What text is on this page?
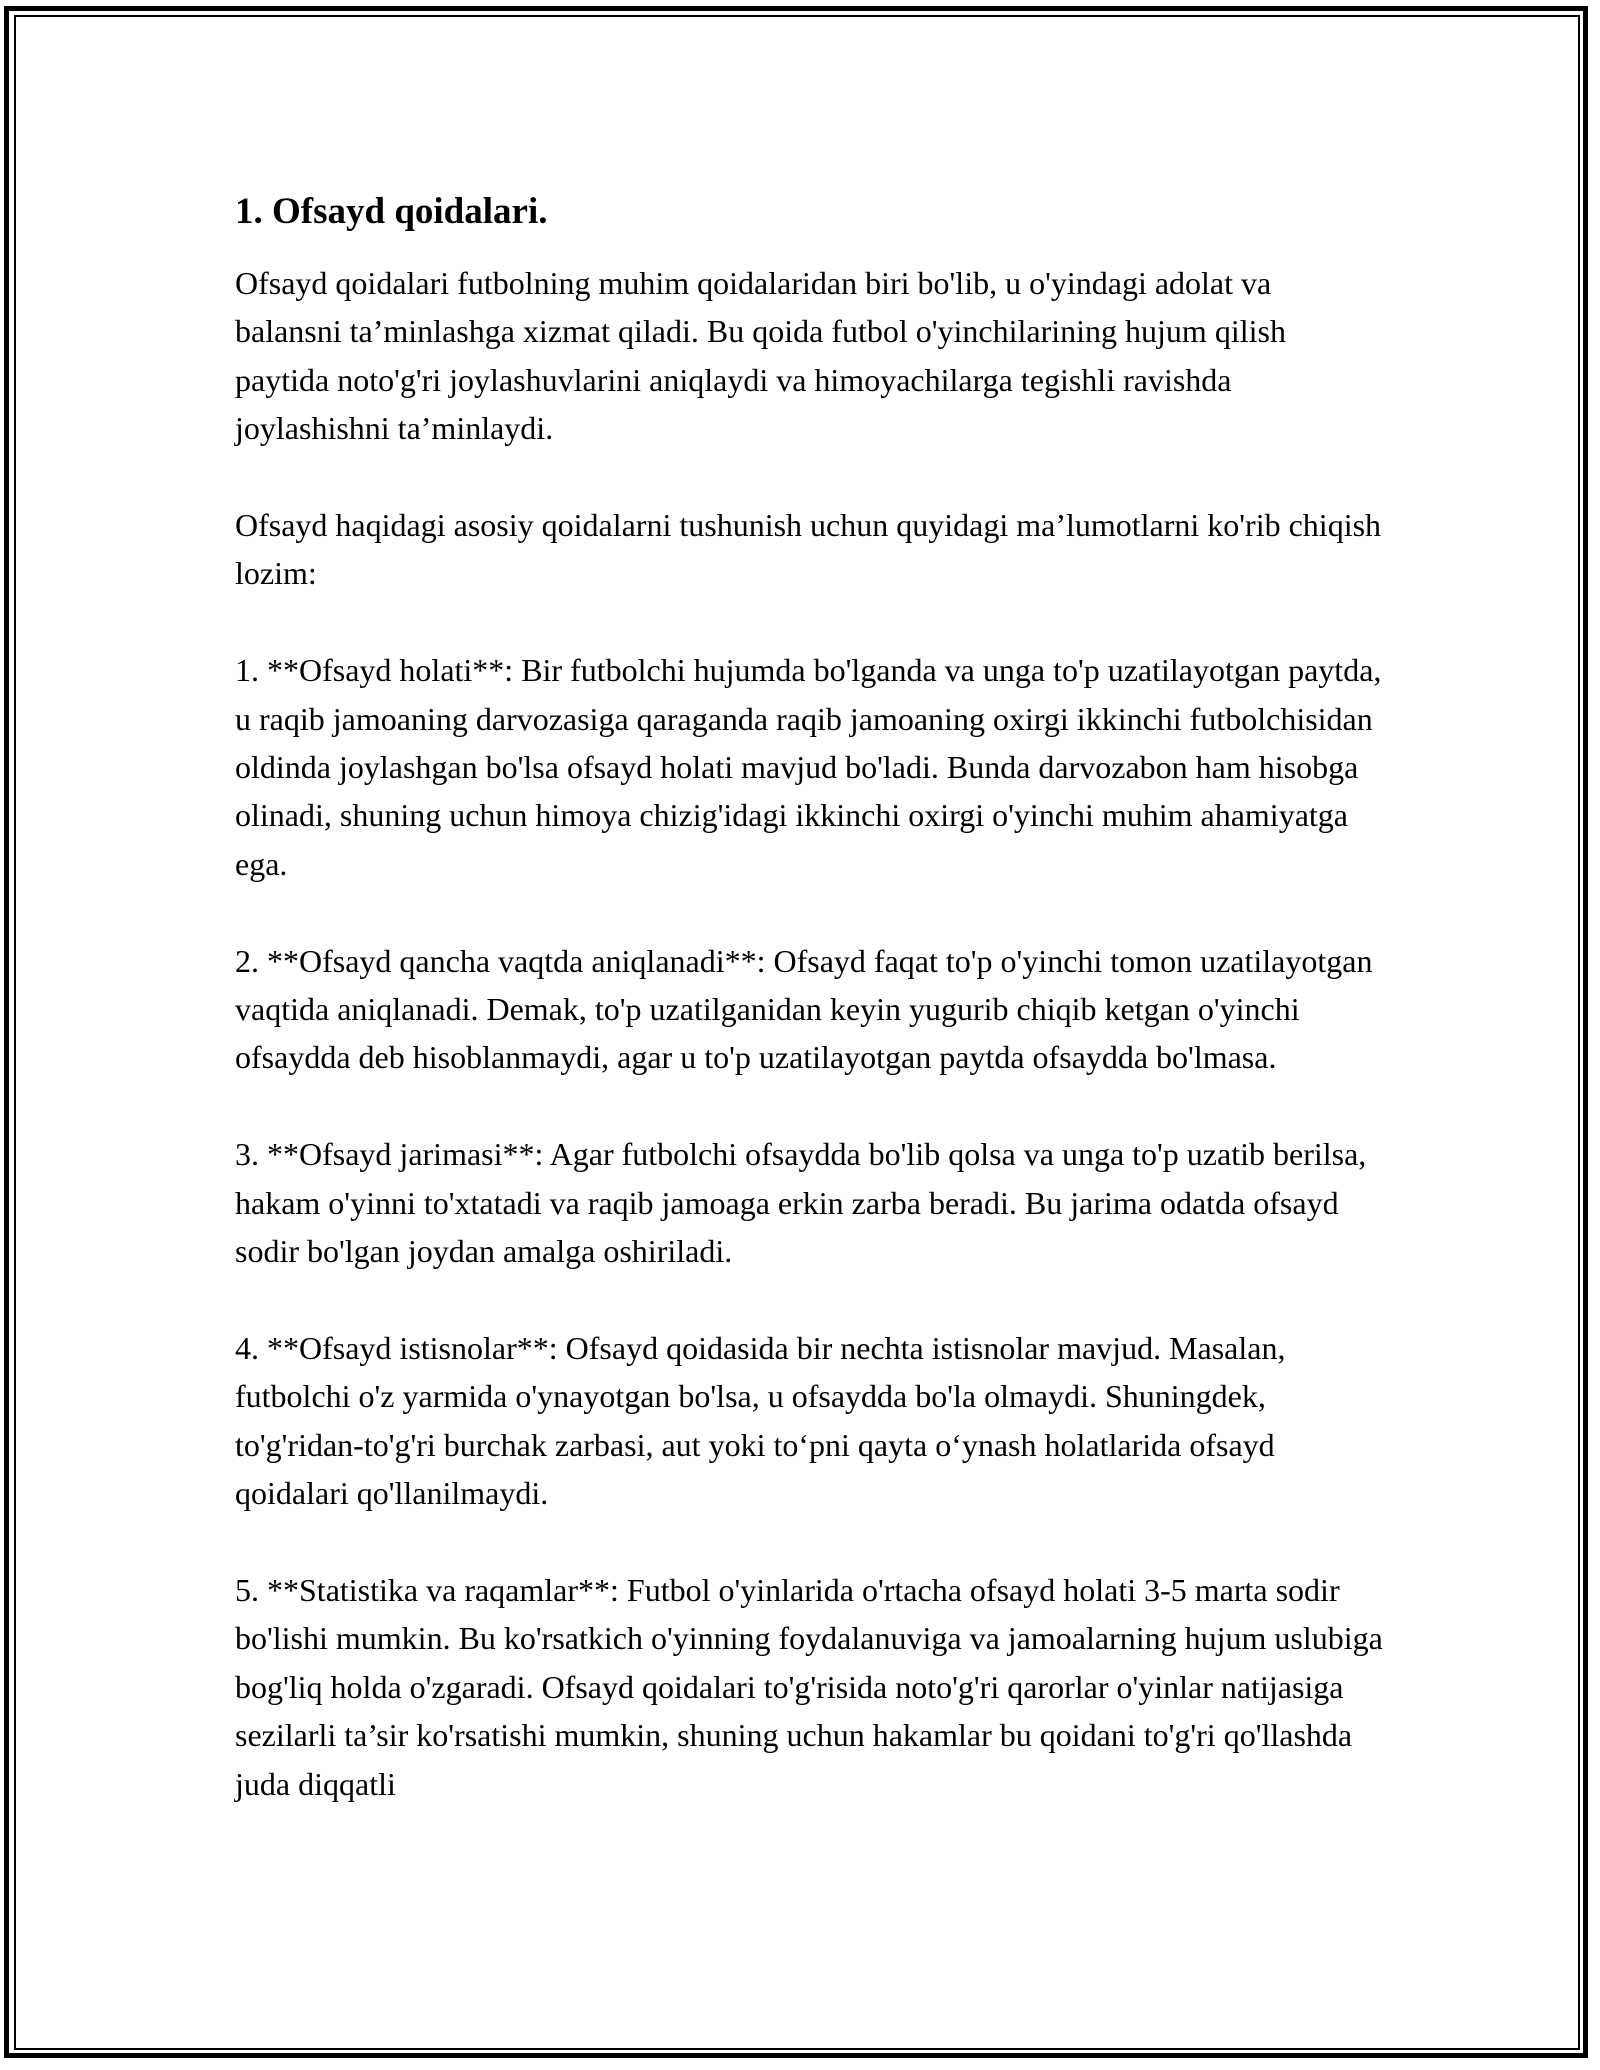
1. Ofsayd qoidalari.

Ofsayd qoidalari futbolning muhim qoidalaridan biri bo'lib, u o'yindagi adolat va balansni ta’minlashga xizmat qiladi. Bu qoida futbol o'yinchilarining hujum qilish paytida noto'g'ri joylashuvlarini aniqlaydi va himoyachilarga tegishli ravishda joylashishni ta’minlaydi.

Ofsayd haqidagi asosiy qoidalarni tushunish uchun quyidagi ma’lumotlarni ko'rib chiqish lozim:

1. **Ofsayd holati**: Bir futbolchi hujumda bo'lganda va unga to'p uzatilayotgan paytda, u raqib jamoaning darvozasiga qaraganda raqib jamoaning oxirgi ikkinchi futbolchisidan oldinda joylashgan bo'lsa ofsayd holati mavjud bo'ladi. Bunda darvozabon ham hisobga olinadi, shuning uchun himoya chizig'idagi ikkinchi oxirgi o'yinchi muhim ahamiyatga ega.

2. **Ofsayd qancha vaqtda aniqlanadi**: Ofsayd faqat to'p o'yinchi tomon uzatilayotgan vaqtida aniqlanadi. Demak, to'p uzatilganidan keyin yugurib chiqib ketgan o'yinchi ofsaydda deb hisoblanmaydi, agar u to'p uzatilayotgan paytda ofsaydda bo'lmasa.

3. **Ofsayd jarimasi**: Agar futbolchi ofsaydda bo'lib qolsa va unga to'p uzatib berilsa, hakam o'yinni to'xtatadi va raqib jamoaga erkin zarba beradi. Bu jarima odatda ofsayd sodir bo'lgan joydan amalga oshiriladi.

4. **Ofsayd istisnolar**: Ofsayd qoidasida bir nechta istisnolar mavjud. Masalan, futbolchi o'z yarmida o'ynayotgan bo'lsa, u ofsaydda bo'la olmaydi. Shuningdek, to'g'ridan-to'g'ri burchak zarbasi, aut yoki to‘pni qayta o‘ynash holatlarida ofsayd qoidalari qo'llanilmaydi.

5. **Statistika va raqamlar**: Futbol o'yinlarida o'rtacha ofsayd holati 3-5 marta sodir bo'lishi mumkin. Bu ko'rsatkich o'yinning foydalanuviga va jamoalarning hujum uslubiga bog'liq holda o'zgaradi. Ofsayd qoidalari to'g'risida noto'g'ri qarorlar o'yinlar natijasiga sezilarli ta’sir ko'rsatishi mumkin, shuning uchun hakamlar bu qoidani to'g'ri qo'llashda juda diqqatli
